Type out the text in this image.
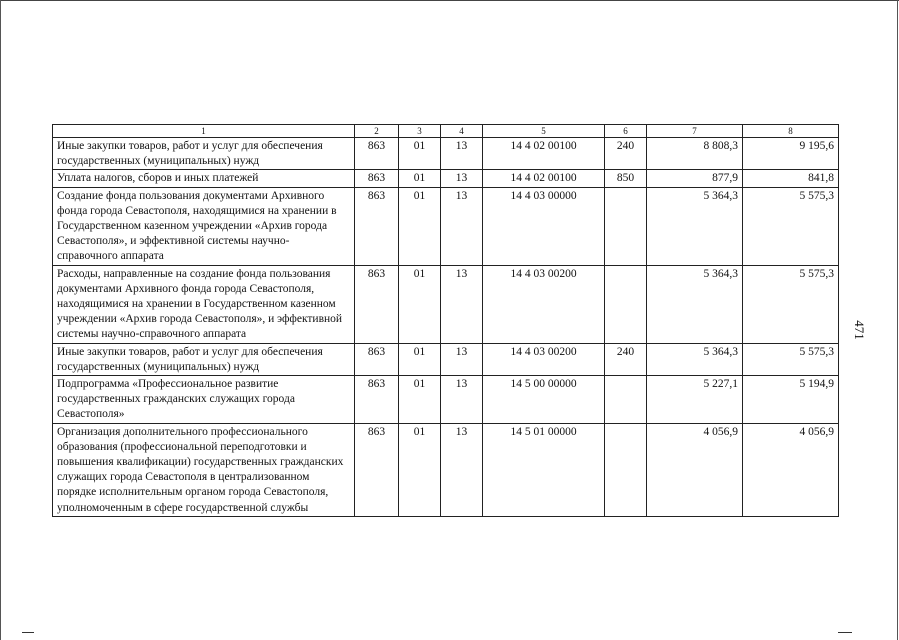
1	2	3	4	5	6	7	8
Иные закупки товаров, работ и услуг для обеспечения государственных (муниципальных) нужд	863	01	13	14 4 02 00100	240	8 808,3	9 195,6
Уплата налогов, сборов и иных платежей	863	01	13	14 4 02 00100	850	877,9	841,8
Создание фонда пользования документами Архивного фонда города Севастополя, находящимися на хранении в Государственном казенном учреждении «Архив города Севастополя», и эффективной системы научно-справочного аппарата	863	01	13	14 4 03 00000		5 364,3	5 575,3
Расходы, направленные на создание фонда пользования документами Архивного фонда города Севастополя, находящимися на хранении в Государственном казенном учреждении «Архив города Севастополя», и эффективной системы научно-справочного аппарата	863	01	13	14 4 03 00200		5 364,3	5 575,3
Иные закупки товаров, работ и услуг для обеспечения государственных (муниципальных) нужд	863	01	13	14 4 03 00200	240	5 364,3	5 575,3
Подпрограмма «Профессиональное развитие государственных гражданских служащих города Севастополя»	863	01	13	14 5 00 00000		5 227,1	5 194,9
Организация дополнительного профессионального образования (профессиональной переподготовки и повышения квалификации) государственных гражданских служащих города Севастополя в централизованном порядке исполнительным органом города Севастополя, уполномоченным в сфере государственной службы	863	01	13	14 5 01 00000		4 056,9	4 056,9
471
